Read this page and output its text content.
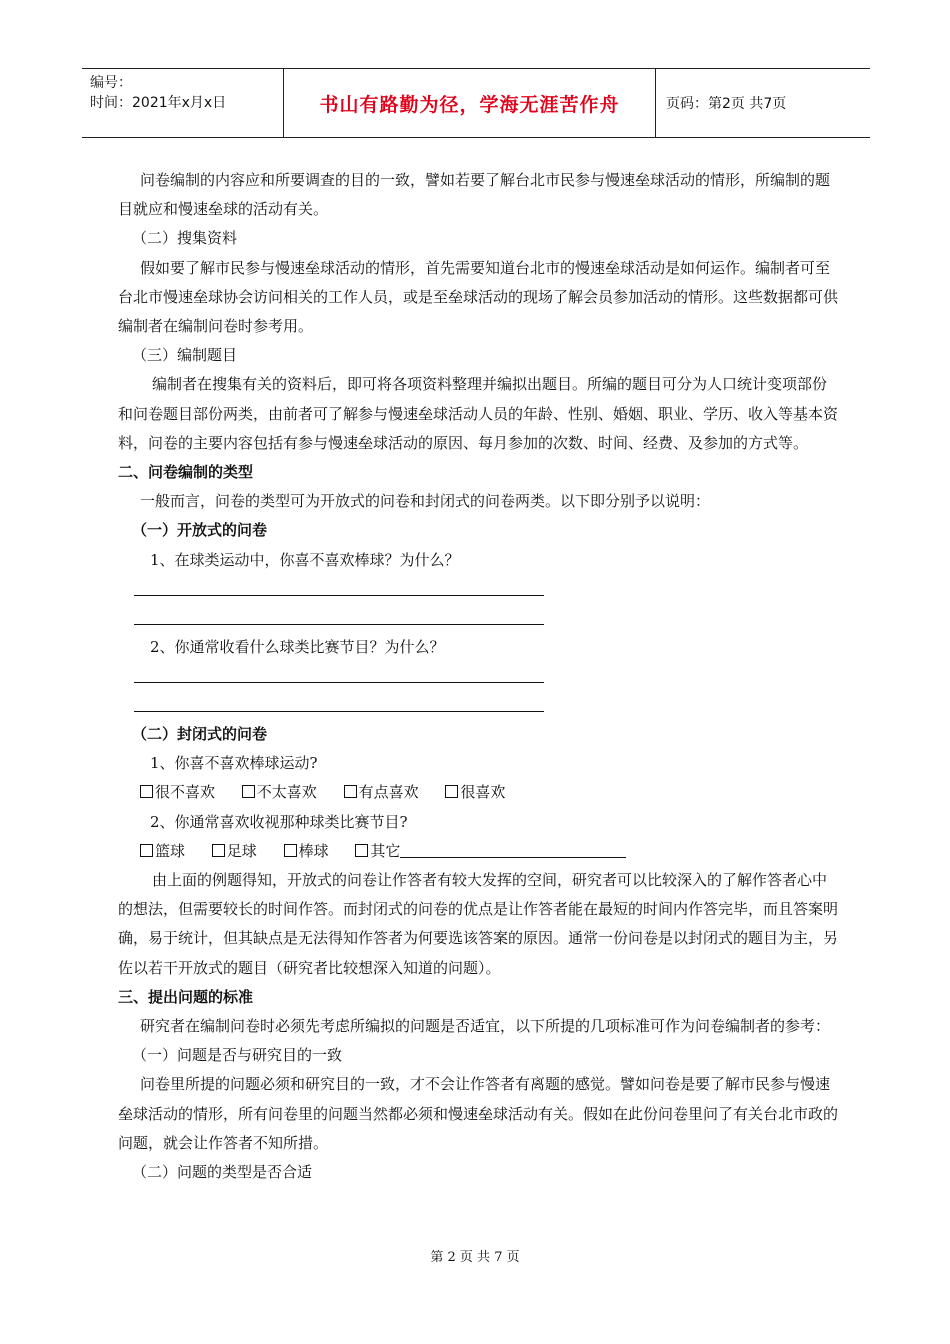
编号：
时间：2021年x月x日	书山有路勤为径，学海无涯苦作舟	页码：第2页 共7页

问卷编制的内容应和所要调查的目的一致，譬如若要了解台北市民参与慢速垒球活动的情形，所编制的题目就应和慢速垒球的活动有关。

（二）搜集资料

假如要了解市民参与慢速垒球活动的情形，首先需要知道台北市的慢速垒球活动是如何运作。编制者可至台北市慢速垒球协会访问相关的工作人员，或是至垒球活动的现场了解会员参加活动的情形。这些数据都可供编制者在编制问卷时参考用。

（三）编制题目

编制者在搜集有关的资料后，即可将各项资料整理并编拟出题目。所编的题目可分为人口统计变项部份和问卷题目部份两类，由前者可了解参与慢速垒球活动人员的年龄、性别、婚姻、职业、学历、收入等基本资料，问卷的主要内容包括有参与慢速垒球活动的原因、每月参加的次数、时间、经费、及参加的方式等。

二、问卷编制的类型

一般而言，问卷的类型可为开放式的问卷和封闭式的问卷两类。以下即分别予以说明：

（一）开放式的问卷

1、在球类运动中，你喜不喜欢棒球？为什么？

2、你通常收看什么球类比赛节目？为什么？

（二）封闭式的问卷

1、你喜不喜欢棒球运动?

很不喜欢	不太喜欢	有点喜欢	很喜欢

2、你通常喜欢收视那种球类比赛节目?

篮球	足球	棒球	其它

由上面的例题得知，开放式的问卷让作答者有较大发挥的空间，研究者可以比较深入的了解作答者心中的想法，但需要较长的时间作答。而封闭式的问卷的优点是让作答者能在最短的时间内作答完毕，而且答案明确，易于统计，但其缺点是无法得知作答者为何要选该答案的原因。通常一份问卷是以封闭式的题目为主，另佐以若干开放式的题目（研究者比较想深入知道的问题）。

三、提出问题的标准

研究者在编制问卷时必须先考虑所编拟的问题是否适宜，以下所提的几项标准可作为问卷编制者的参考：

（一）问题是否与研究目的一致

问卷里所提的问题必须和研究目的一致，才不会让作答者有离题的感觉。譬如问卷是要了解市民参与慢速垒球活动的情形，所有问卷里的问题当然都必须和慢速垒球活动有关。假如在此份问卷里问了有关台北市政的问题，就会让作答者不知所措。

（二）问题的类型是否合适

第 2 页 共 7 页
